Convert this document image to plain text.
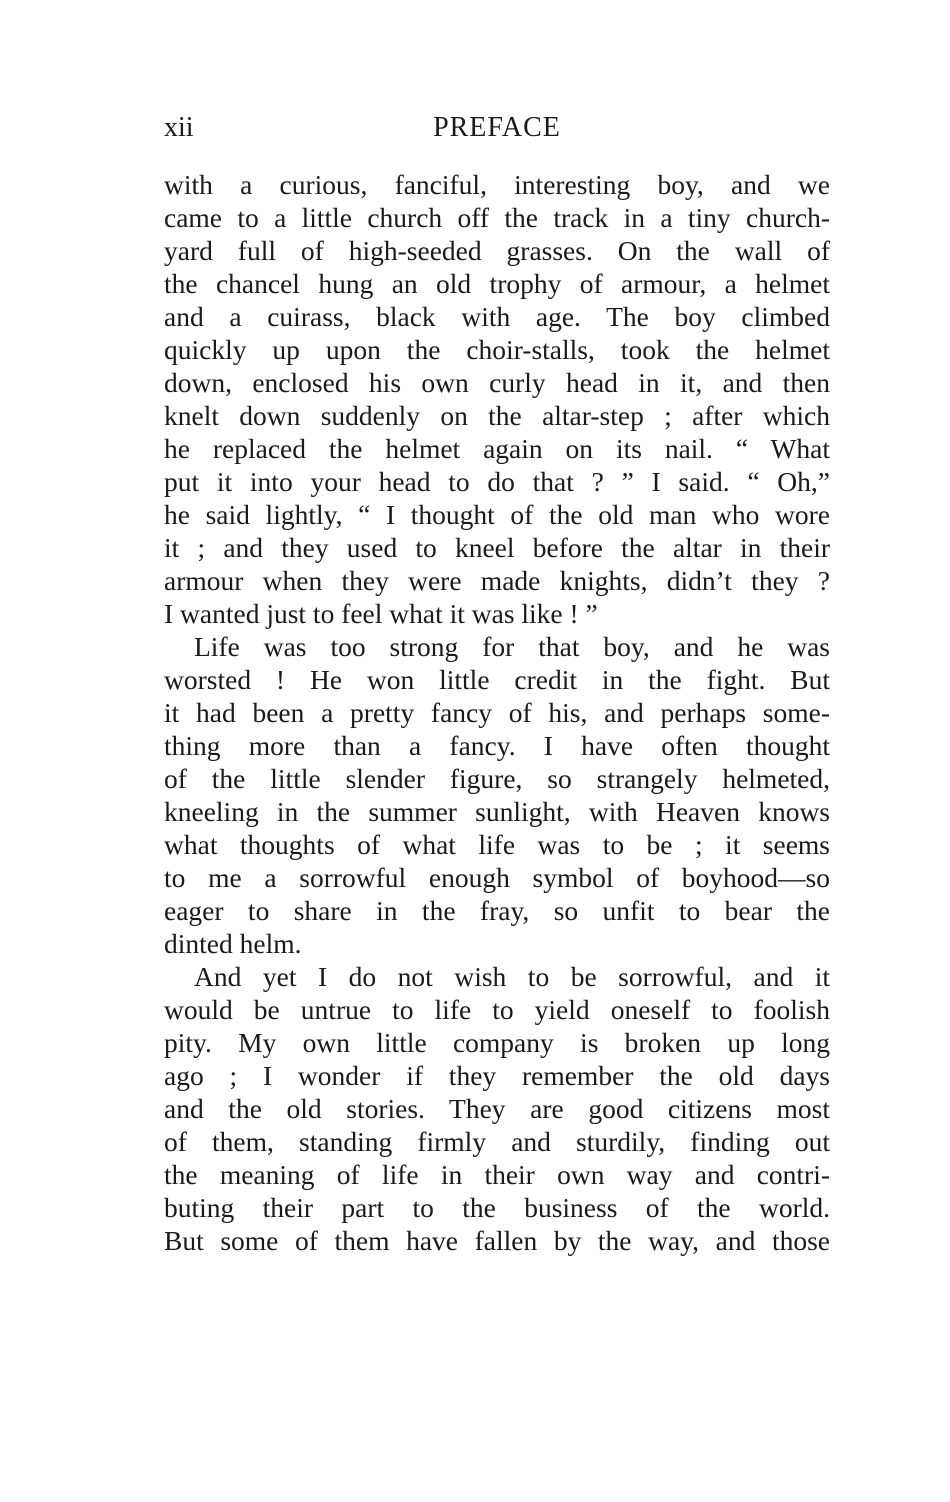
xii	PREFACE
with a curious, fanciful, interesting boy, and we
came to a little church off the track in a tiny church-
yard full of high-seeded grasses. On the wall of
the chancel hung an old trophy of armour, a helmet
and a cuirass, black with age. The boy climbed
quickly up upon the choir-stalls, took the helmet
down, enclosed his own curly head in it, and then
knelt down suddenly on the altar-step ; after which
he replaced the helmet again on its nail. “ What
put it into your head to do that ? ” I said. “ Oh,”
he said lightly, “ I thought of the old man who wore
it ; and they used to kneel before the altar in their
armour when they were made knights, didn’t they ?
I wanted just to feel what it was like ! ”
Life was too strong for that boy, and he was
worsted ! He won little credit in the fight. But
it had been a pretty fancy of his, and perhaps some-
thing more than a fancy. I have often thought
of the little slender figure, so strangely helmeted,
kneeling in the summer sunlight, with Heaven knows
what thoughts of what life was to be ; it seems
to me a sorrowful enough symbol of boyhood—so
eager to share in the fray, so unfit to bear the
dinted helm.
And yet I do not wish to be sorrowful, and it
would be untrue to life to yield oneself to foolish
pity. My own little company is broken up long
ago ; I wonder if they remember the old days
and the old stories. They are good citizens most
of them, standing firmly and sturdily, finding out
the meaning of life in their own way and contri-
buting their part to the business of the world.
But some of them have fallen by the way, and those
